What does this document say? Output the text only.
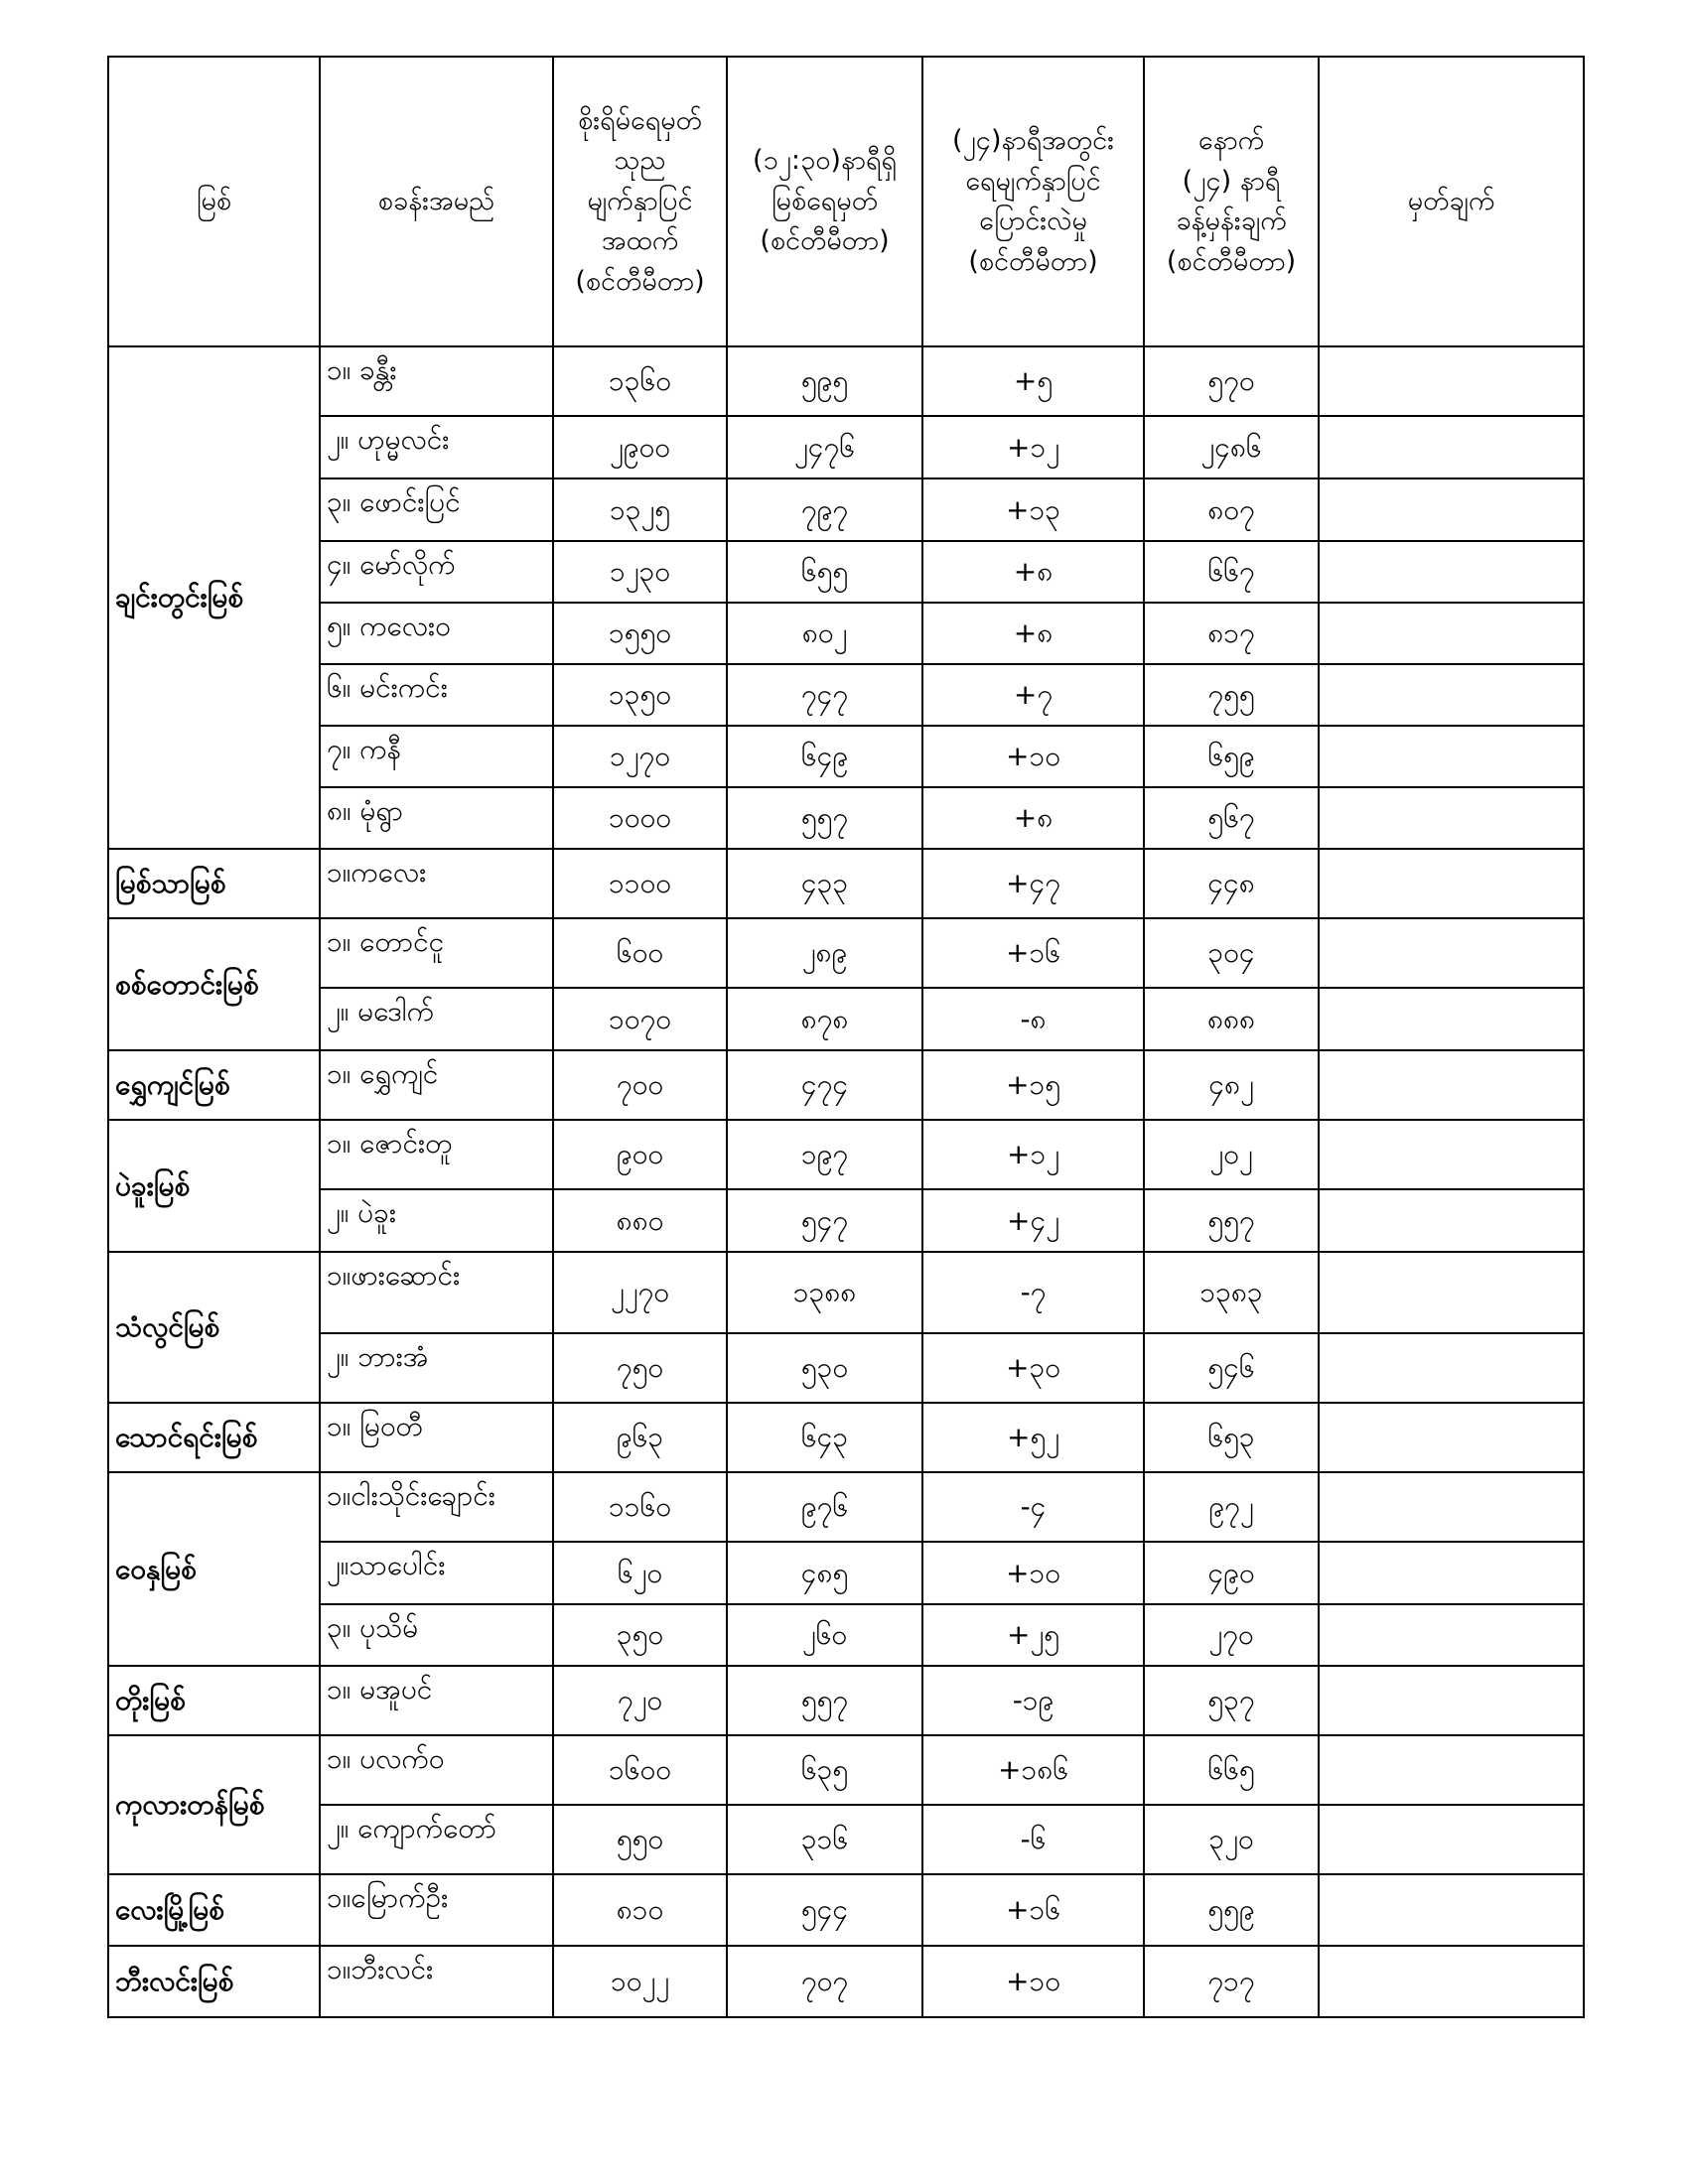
မြစ်	စခန်းအမည်	စိုးရိမ်ရေမှတ်
သုည
မျက်နှာပြင်
အထက်
(စင်တီမီတာ)	(၁၂:၃၀)နာရီရှိ
မြစ်ရေမှတ်
(စင်တီမီတာ)	(၂၄)နာရီအတွင်း
ရေမျက်နှာပြင်
ပြောင်းလဲမှု
(စင်တီမီတာ)	နောက်
(၂၄) နာရီ
ခန့်မှန်းချက်
(စင်တီမီတာ)	မှတ်ချက်

ချင်းတွင်းမြစ်	၁။ ခန္တီး	၁၃၆၀	၅၉၅	+၅	၅၇၀	
	၂။ ဟုမ္မလင်း	၂၉၀၀	၂၄၇၆	+၁၂	၂၄၈၆	
	၃။ ဖောင်းပြင်	၁၃၂၅	၇၉၇	+၁၃	၈၀၇	
	၄။ မော်လိုက်	၁၂၃၀	၆၅၅	+၈	၆၆၇	
	၅။ ကလေးဝ	၁၅၅၀	၈၀၂	+၈	၈၁၇	
	၆။ မင်းကင်း	၁၃၅၀	၇၄၇	+၇	၇၅၅	
	၇။ ကနီ	၁၂၇၀	၆၄၉	+၁၀	၆၅၉	
	၈။ မုံရွာ	၁၀၀၀	၅၅၇	+၈	၅၆၇	
မြစ်သာမြစ်	၁။ကလေး	၁၁၀၀	၄၃၃	+၄၇	၄၄၈	
စစ်တောင်းမြစ်	၁။ တောင်ငူ	၆၀၀	၂၈၉	+၁၆	၃၀၄	
	၂။ မဒေါက်	၁၀၇၀	၈၇၈	-၈	၈၈၈	
ရွှေကျင်မြစ်	၁။ ရွှေကျင်	၇၀၀	၄၇၄	+၁၅	၄၈၂	
ပဲခူးမြစ်	၁။ ဇောင်းတူ	၉၀၀	၁၉၇	+၁၂	၂၀၂	
	၂။ ပဲခူး	၈၈၀	၅၄၇	+၄၂	၅၅၇	
သံလွင်မြစ်	၁။ဖားဆောင်း	၂၂၇၀	၁၃၈၈	-၇	၁၃၈၃	
	၂။ ဘားအံ	၇၅၀	၅၃၀	+၃၀	၅၄၆	
သောင်ရင်းမြစ်	၁။ မြဝတီ	၉၆၃	၆၄၃	+၅၂	၆၅၃	
ဝေနှမြစ်	၁။ငါးသိုင်းချောင်း	၁၁၆၀	၉၇၆	-၄	၉၇၂	
	၂။သာပေါင်း	၆၂၀	၄၈၅	+၁၀	၄၉၀	
	၃။ ပုသိမ်	၃၅၀	၂၆၀	+၂၅	၂၇၀	
တိုးမြစ်	၁။ မအူပင်	၇၂၀	၅၅၇	-၁၉	၅၃၇	
ကုလားတန်မြစ်	၁။ ပလက်ဝ	၁၆၀၀	၆၃၅	+၁၈၆	၆၆၅	
	၂။ ကျောက်တော်	၅၅၀	၃၁၆	-၆	၃၂၀	
လေးမြို့မြစ်	၁။မြောက်ဦး	၈၁၀	၅၄၄	+၁၆	၅၅၉	
ဘီးလင်းမြစ်	၁။ဘီးလင်း	၁၀၂၂	၇၀၇	+၁၀	၇၁၇	
